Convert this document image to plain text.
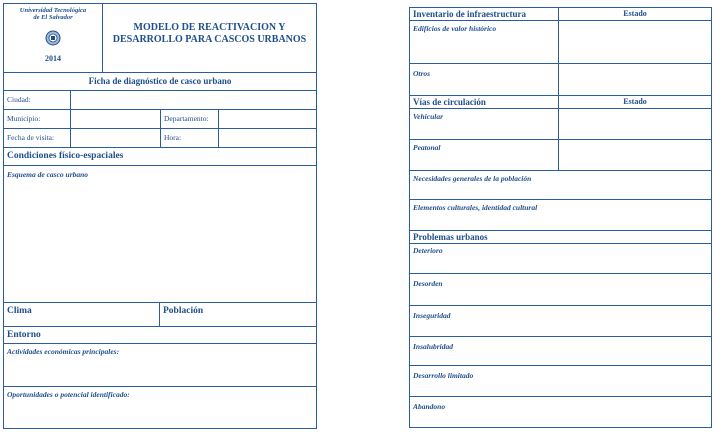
Universidad Tecnológica
de El Salvador
2014
MODELO DE REACTIVACION Y
DESARROLLO PARA CASCOS URBANOS
Ficha de diagnóstico de casco urbano
Ciudad:
Municipio:	Departamento:
Fecha de visita:	Hora:
Condiciones físico-espaciales
Esquema de casco urbano
Clima	Población
Entorno
Actividades económicas principales:
Oportunidades o potencial identificado:
Inventario de infraestructura	Estado
Edificios de valor histórico
Otros
Vías de circulación	Estado
Vehicular
Peatonal
Necesidades generales de la población
Elementos culturales, identidad cultural
Problemas urbanos
Deterioro
Desorden
Inseguridad
Insalubridad
Desarrollo limitado
Abandono
